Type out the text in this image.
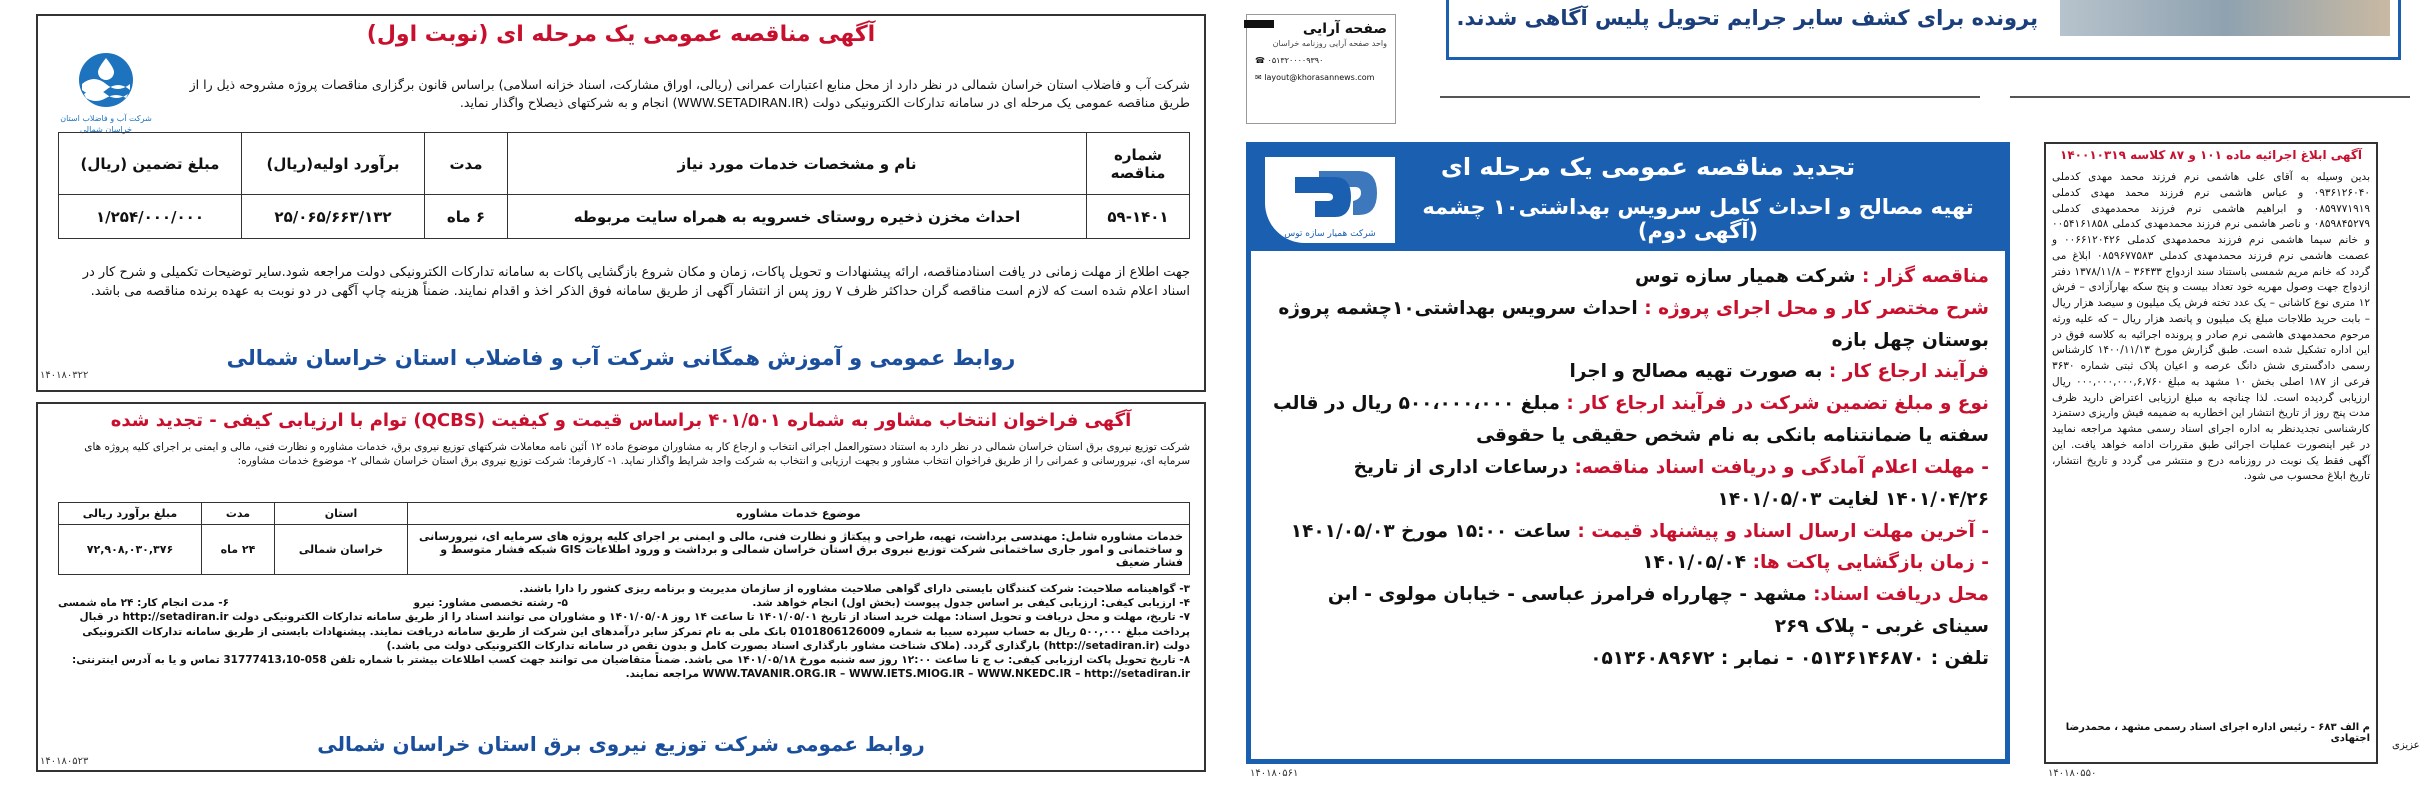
آگهی مناقصه عمومی یک مرحله ای (نوبت اول)
شرکت آب و فاضلاب استان خراسان شمالی
شرکت آب و فاضلاب استان خراسان شمالی در نظر دارد از محل منابع اعتبارات عمرانی (ریالی، اوراق مشارکت، اسناد خزانه اسلامی) براساس قانون برگزاری مناقصات پروژه مشروحه ذیل را از طریق مناقصه عمومی یک مرحله ای در سامانه تدارکات الکترونیکی دولت (WWW.SETADIRAN.IR) انجام و به شرکتهای ذیصلاح واگذار نماید.
شماره مناقصه	نام و مشخصات خدمات مورد نیاز	مدت	برآورد اولیه(ریال)	مبلغ تضمین (ریال)
۵۹-۱۴۰۱	احداث مخزن ذخیره روستای خسرویه به همراه سایت مربوطه	۶ ماه	۲۵/۰۶۵/۶۶۳/۱۳۲	۱/۲۵۴/۰۰۰/۰۰۰
جهت اطلاع از مهلت زمانی در یافت اسنادمناقصه، ارائه پیشنهادات و تحویل پاکات، زمان و مکان شروع بازگشایی پاکات به سامانه تدارکات الکترونیکی دولت مراجعه شود.سایر توضیحات تکمیلی و شرح کار در اسناد اعلام شده است که لازم است مناقصه گران حداکثر ظرف ۷ روز پس از انتشار آگهی از طریق سامانه فوق الذکر اخذ و اقدام نمایند. ضمناً هزینه چاپ آگهی در دو نوبت به عهده برنده مناقصه می باشد.
روابط عمومی و آموزش همگانی شرکت آب و فاضلاب استان خراسان شمالی
۱۴۰۱۸۰۳۲۲
آگهی فراخوان انتخاب مشاور به شماره ۴۰۱/۵۰۱ براساس قیمت و کیفیت (QCBS) توام با ارزیابی کیفی - تجدید شده
شرکت توزیع نیروی برق استان خراسان شمالی در نظر دارد به استناد دستورالعمل اجرائی انتخاب و ارجاع کار به مشاوران موضوع ماده ۱۲ آئین نامه معاملات شرکتهای توزیع نیروی برق، خدمات مشاوره و نظارت فنی، مالی و ایمنی بر اجرای کلیه پروژه های سرمایه ای، نیرورسانی و عمرانی را از طریق فراخوان انتخاب مشاور و بجهت ارزیابی و انتخاب به شرکت واجد شرایط واگذار نماید. ۱- کارفرما: شرکت توزیع نیروی برق استان خراسان شمالی ۲- موضوع خدمات مشاوره:
موضوع خدمات مشاوره	استان	مدت	مبلغ برآورد ریالی
خدمات مشاوره شامل: مهندسی برداشت، تهیه، طراحی و پیکتاژ و نظارت فنی، مالی و ایمنی بر اجرای کلیه پروژه های سرمایه ای، نیرورسانی و ساختمانی و امور جاری ساختمانی شرکت توزیع نیروی برق استان خراسان شمالی و برداشت و ورود اطلاعات GIS شبکه فشار متوسط و فشار ضعیف	خراسان شمالی	۲۴ ماه	۷۲,۹۰۸,۰۳۰,۳۷۶
۳- گواهینامه صلاحیت: شرکت کنندگان بایستی دارای گواهی صلاحیت مشاوره از سازمان مدیریت و برنامه ریزی کشور را دارا باشند.
۴- ارزیابی کیفی: ارزیابی کیفی بر اساس جدول پیوست (بخش اول) انجام خواهد شد.
۵- رشته تخصصی مشاور: نیرو
۶- مدت انجام کار: ۲۴ ماه شمسی
۷- تاریخ، مهلت و محل دریافت و تحویل اسناد: مهلت خرید اسناد از تاریخ ۱۴۰۱/۰۵/۰۱ تا ساعت ۱۴ روز ۱۴۰۱/۰۵/۰۸ و مشاوران می توانند اسناد را از طریق سامانه تدارکات الکترونیکی دولت http://setadiran.ir در قبال پرداخت مبلغ ۵۰۰,۰۰۰ ریال به حساب سپرده سیبا به شماره 0101806126009 بانک ملی به نام تمرکز سایر درآمدهای این شرکت از طریق سامانه دریافت نمایند. پیشنهادات بایستی از طریق سامانه تدارکات الکترونیکی دولت (http://setadiran.ir) بارگذاری گردد. (ملاک شناخت مشاور بارگذاری اسناد بصورت کامل و بدون نقص در سامانه تدارکات الکترونیکی دولت می باشد.)
۸- تاریخ تحویل پاکت ارزیابی کیفی: ب ج تا ساعت ۱۲:۰۰ روز سه شنبه مورخ ۱۴۰۱/۰۵/۱۸ می باشد. ضمناً متقاضیان می توانند جهت کسب اطلاعات بیشتر با شماره تلفن 058-31777413،10 تماس و یا به آدرس اینترنتی: WWW.TAVANIR.ORG.IR – WWW.IETS.MIOG.IR – WWW.NKEDC.IR – http://setadiran.ir مراجعه نمایند.
روابط عمومی شرکت توزیع نیروی برق استان خراسان شمالی
۱۴۰۱۸۰۵۲۳
صفحه آرایی
واحد صفحه آرایی روزنامه خراسان
☎ ۰۵۱۳۲۰۰۰۰۹۳۹۰
✉ layout@khorasannews.com
پرونده برای کشف سایر جرایم تحویل پلیس آگاهی شدند.
تجدید مناقصه عمومی یک مرحله ای
تهیه مصالح و احداث کامل سرویس بهداشتی۱۰ چشمه (آگهی دوم)
شرکت همیار سازه توس
مناقصه گزار : شرکت همیار سازه توس
شرح مختصر کار و محل اجرای پروژه : احداث سرویس بهداشتی۱۰چشمه پروژه بوستان چهل بازه
فرآیند ارجاع کار : به صورت تهیه مصالح و اجرا
نوع و مبلغ تضمین شرکت در فرآیند ارجاع کار : مبلغ ۵۰۰،۰۰۰،۰۰۰ ریال در قالب سفته یا ضمانتنامه بانکی به نام شخص حقیقی یا حقوقی
- مهلت اعلام آمادگی و دریافت اسناد مناقصه: درساعات اداری از تاریخ ۱۴۰۱/۰۴/۲۶ لغایت ۱۴۰۱/۰۵/۰۳
- آخرین مهلت ارسال اسناد و پیشنهاد قیمت : ساعت ۱۵:۰۰ مورخ ۱۴۰۱/۰۵/۰۳
- زمان بازگشایی پاکت ها: ۱۴۰۱/۰۵/۰۴
محل دریافت اسناد: مشهد - چهارراه فرامرز عباسی - خیابان مولوی - ابن سینای غربی - پلاک ۲۶۹
تلفن : ۰۵۱۳۶۱۴۶۸۷۰ - نمابر : ۰۵۱۳۶۰۸۹۶۷۲
۱۴۰۱۸۰۵۶۱
آگهی ابلاغ اجرائیه ماده ۱۰۱ و ۸۷ کلاسه ۱۴۰۰۱۰۳۱۹
بدین وسیله به آقای علی هاشمی نرم فرزند محمد مهدی کدملی ۰۹۳۶۱۲۶۰۴۰ و عباس هاشمی نرم فرزند محمد مهدی کدملی ۰۸۵۹۷۷۱۹۱۹ و ابراهیم هاشمی نرم فرزند محمدمهدی کدملی ۰۸۵۹۸۴۵۲۷۹ و ناصر هاشمی نرم فرزند محمدمهدی کدملی ۰۰۵۴۱۶۱۸۵۸ و خانم سیما هاشمی نرم فرزند محمدمهدی کدملی ۰۰۶۶۱۲۰۴۲۶ و عصمت هاشمی نرم فرزند محمدمهدی کدملی ۰۸۵۹۶۷۷۵۸۳ ابلاغ می گردد که خانم مریم شمسی باستناد سند ازدواج ۳۶۴۳۳ – ۱۳۷۸/۱۱/۸ دفتر ازدواج جهت وصول مهریه خود تعداد بیست و پنج سکه بهارآزادی – فرش ۱۲ متری نوع کاشانی – یک عدد تخته فرش یک میلیون و سیصد هزار ریال – بابت حرید طلاجات مبلغ یک میلیون و پانصد هزار ریال – که علیه ورثه مرحوم محمدمهدی هاشمی نرم صادر و پرونده اجرائیه به کلاسه فوق در این اداره تشکیل شده است. طبق گزارش مورخ ۱۴۰۰/۱۱/۱۳ کارشناس رسمی دادگستری شش دانگ عرصه و اعیان پلاک ثبتی شماره ۳۶۳۰ فرعی از ۱۸۷ اصلی بخش ۱۰ مشهد به مبلغ ۰۰۰,۰۰۰,۰۰۰,۶,۷۶۰ ریال ارزیابی گردیده است. لذا چنانچه به مبلغ ارزیابی اعتراض دارید ظرف مدت پنج روز از تاریخ انتشار این اخطاریه به ضمیمه فیش واریزی دستمزد کارشناسی تجدیدنظر به اداره اجرای اسناد رسمی مشهد مراجعه نمایید در غیر اینصورت عملیات اجرائی طبق مقررات ادامه خواهد یافت. این آگهی فقط یک نوبت در روزنامه درج و منتشر می گردد و تاریخ انتشار، تاریخ ابلاغ محسوب می شود.
م الف ۶۸۳ - رئیس اداره اجرای اسناد رسمی مشهد ، محمدرضا اجتهادی
۱۴۰۱۸۰۵۵۰
عزیزی
